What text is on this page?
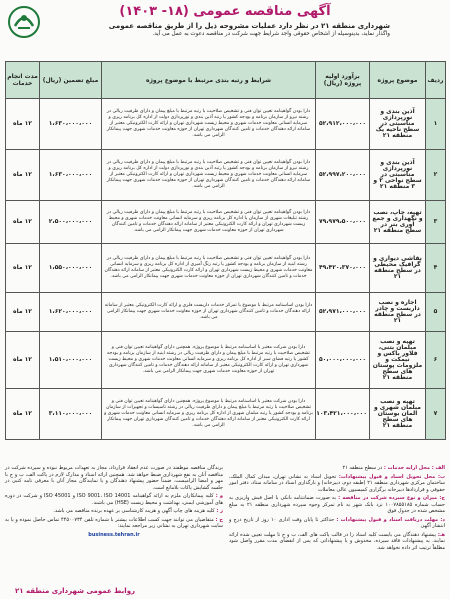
آگهی مناقصه عمومی (۱۸- ۱۴۰۳)
شهرداری منطقه ۲۱ در نظر دارد عملیات مشروحه ذیل را از طریق مناقصه عمومی
واگذار نماید، بدینوسیله از اشخاص حقوقی واجد شرایط جهت شرکت در مناقصه دعوت به عمل می آید.
ردیف	موضوع پروژه	برآورد اولیه پروژه (ریال)	شرایط و رتبه بندی مرتبط با موضوع پروژه	مبلغ تضمین (ریال)	مدت انجام خدمات
۱	آذین بندی و نورپردازی مناسبتی در سطح ناحیه یک منطقه ۲۱	۵۲،۹۱۲،۰۰۰،۰۰۰	دارا بودن گواهینامه تعیین توان فنی و تشخیص صلاحیت با رتبه مرتبط با مبلغ پیمان و دارای ظرفیت ریالی در رشته نیرو از سازمان برنامه و بودجه کشور یا رتبه آذین بندی و نورپردازی دولت از اداره کل برنامه ریزی و سرمایه انسانی معاونت خدمات شهری و محیط زیست شهرداری تهران و ارائه کارت الکترونیکی معتبر از سامانه ارائه دهندگان خدمات و تامین کنندگان شهرداری تهران از حوزه معاونت خدمات شهری جهت پیمانکار الزامی می باشد.	۱،۶۳۰،۰۰۰،۰۰۰	۱۲ ماه
۲	آذین بندی و نورپردازی مناسبتی در سطح نواحی ۲ و ۳ منطقه ۲۱	۵۲،۹۹۷،۲۰۰،۰۰۰	دارا بودن گواهینامه تعیین توان فنی و تشخیص صلاحیت با رتبه مرتبط با مبلغ پیمان و دارای ظرفیت ریالی در رشته نیرو از سازمان برنامه و بودجه کشور یا رتبه آذین بندی و نورپردازی دولت از اداره کل برنامه ریزی و سرمایه انسانی معاونت خدمات شهری و محیط زیست شهرداری تهران و ارائه کارت الکترونیکی معتبر از سامانه ارائه دهندگان خدمات و تامین کنندگان شهرداری تهران از حوزه معاونت خدمات شهری جهت پیمانکار الزامی می باشد.	۱،۶۳۰،۰۰۰،۰۰۰	۱۲ ماه
۳	تهیه، چاپ، نصب و نگهداری و جمع آوری بنر در سطح منطقه ۲۱	۷۹،۹۷۹،۵۰۰،۰۰۰	دارا بودن گواهینامه تعیین توان فنی و تشخیص صلاحیت با رتبه مرتبط با مبلغ پیمان و دارای ظرفیت ریالی در رشته تبلیغات شهری از سازمان یا اداره کل برنامه ریزی و سرمایه انسانی معاونت خدمات شهری و محیط زیست شهرداری تهران و ارائه کارت الکترونیکی معتبر از سامانه ارائه دهندگان خدمات و تامین کنندگان شهرداری تهران از حوزه معاونت خدمات شهری جهت پیمانکار الزامی می باشد.	۲،۵۰۰،۰۰۰،۰۰۰	۱۲ ماه
۴	نقاشی دیواری و گرافیک محیطی در سطح منطقه ۲۱	۴۹،۴۲۰،۳۷۰،۰۰۰	دارا بودن گواهینامه تعیین توان فنی و تشخیص صلاحیت با رتبه مرتبط با مبلغ پیمان و دارای ظرفیت ریالی در رشته ابنیه از سازمان برنامه و بودجه کشور یا رتبه رنگ آمیزی از اداره کل برنامه ریزی و سرمایه انسانی معاونت خدمات شهری و محیط زیست شهرداری تهران و ارائه کارت الکترونیکی معتبر از سامانه ارائه دهندگان خدمات و تامین کنندگان شهرداری تهران از حوزه معاونت خدمات شهری جهت پیمانکار الزامی می باشد.	۱،۵۵۰،۰۰۰،۰۰۰	۱۲ ماه
۵	اجاره و نصب داربست و چادر در سطح منطقه ۲۱	۵۲،۹۷۱،۰۰۰،۰۰۰	دارا بودن اساسنامه مرتبط با موضوع با تمرکز خدمات داربست فلزی و ارائه کارت الکترونیکی معتبر از سامانه ارائه دهندگان خدمات و تامین کنندگان شهرداری تهران از حوزه معاونت خدمات شهری جهت پیمانکار الزامی می باشد.	۱،۶۲۰،۰۰۰،۰۰۰	۱۲ ماه
۶	تهیه و نصب مبلمان بتنی، فلاور باکس و نیمکت و ملزومات پوستان های سطح منطقه ۲۱	۵۰،۰۰۰،۰۰۰،۰۰۰	دارا بودن شرکت معتبر با اساسنامه مرتبط با موضوع پروژه. همچنین دارای گواهینامه تعیین توان فنی و تشخیص صلاحیت با رتبه مرتبط با مبلغ پیمان و دارای ظرفیت ریالی در رشته ابنیه از سازمان برنامه و بودجه کشور یا رتبه فضای سبز از اداره کل برنامه ریزی و سرمایه انسانی معاونت خدمات شهری و محیط زیست شهرداری تهران و ارائه کارت الکترونیکی معتبر از سامانه ارائه دهندگان خدمات و تامین کنندگان شهرداری تهران از حوزه معاونت خدمات شهری جهت پیمانکار الزامی می باشد.	۱،۵۱۰،۰۰۰،۰۰۰	۱۲ ماه
۷	تهیه و نصب مبلمان شهری و المان بوستان های سطح منطقه ۲۱	۱۰۳،۴۲۱،۰۰۰،۰۰۰	دارا بودن شرکت معتبر با اساسنامه مرتبط با موضوع پروژه. همچنین دارای گواهینامه تعیین توان فنی و تشخیص صلاحیت با رتبه مرتبط با مبلغ پیمان و دارای ظرفیت ریالی در رشته تاسیسات و تجهیزات از سازمان برنامه و بودجه کشور یا رتبه مبلمان شهری از اداره کل برنامه ریزی و سرمایه انسانی معاونت خدمات شهری و ارائه کارت الکترونیکی معتبر از سامانه ارائه دهندگان خدمات و تامین کنندگان شهرداری تهران جهت پیمانکار الزامی می باشد.	۳،۱۱۰،۰۰۰،۰۰۰	۱۲ ماه

الف : محل ارایه خدمات : در سطح منطقه ۲۱

ب: محل تحویل اسناد و قبول پیشنهادات: تحویل اسناد به نشانی تهران، میدان کمال الملک، ساختمان مرکزی شهرداری منطقه ۲۱ (طبقه دوم، دبیرخانه) و بارگذاری اسناد در سامانه ستاد، دفتر امور حقوقی و قراردادها دبیرخانه برگزاری کمیسیون عالی معاملات

ج: میزان و نوع سپرده شرکت در مناقصه : به صورت ضمانتنامه بانکی یا اصل فیش واریزی به حساب شماره ۱۰۰۷۸۵۵۱۸۵ نزد بانک شهر به نام تمرکز وجوه سپرده شهرداری منطقه ۲۱ به مبلغ مشخص شده در جدول فوق

د: مهلت دریافت اسناد و قبول پیشنهادات : حداکثر تا پایان وقت اداری ۱۰ روز از تاریخ درج و انتشار آگهی

هـ: پیشنهاد دهندگان می بایست کلیه اسناد را در قالب پاکت های الف، ب و ج تا مهلت تعیین شده ارائه نمایند. به پیشنهادات فاقد سپرده، مخدوش و یا پیشنهاداتی که پس از انقضای مدت مقرر واصل شود مطلقاً ترتیب اثر داده نخواهد شد.

برندگان مناقصه موظفند در صورت عدم انعقاد قرارداد، مجاز به تعهدات مربوط نبوده و سپرده شرکت در مناقصه آنان به نفع شهرداری ضبط خواهد شد. همچنین ارائه اسناد و مدارک لازم در پاکت الف، ب و ج با مهر و امضا الزامیست. ضمناً حضور پیشنهاد دهندگان و یا نمایندگان مجاز آنان با معرفی نامه کتبی در جلسه گشایش پاکات بلامانع است.

و : کلیه پیمانکاران ملزم به ارائه گواهینامه ISO 9001، ISO 14001 و ISO 45001 و شرکت در دوره های آموزشی ایمنی، بهداشت و محیط زیست (HSE) می باشند.

ز : کلیه هزینه های چاپ آگهی و هزینه کارشناسی بر عهده برنده مناقصه می باشد.

ح : متقاضیان می توانند جهت کسب اطلاعات بیشتر با شماره تلفن ۴۴۵۰۰۷۳۴ تماس حاصل نموده و یا به سایت شهرداری تهران به نشانی زیر مراجعه نمایند:

business.tehran.ir

روابط عمومی شهرداری منطقه ۲۱
